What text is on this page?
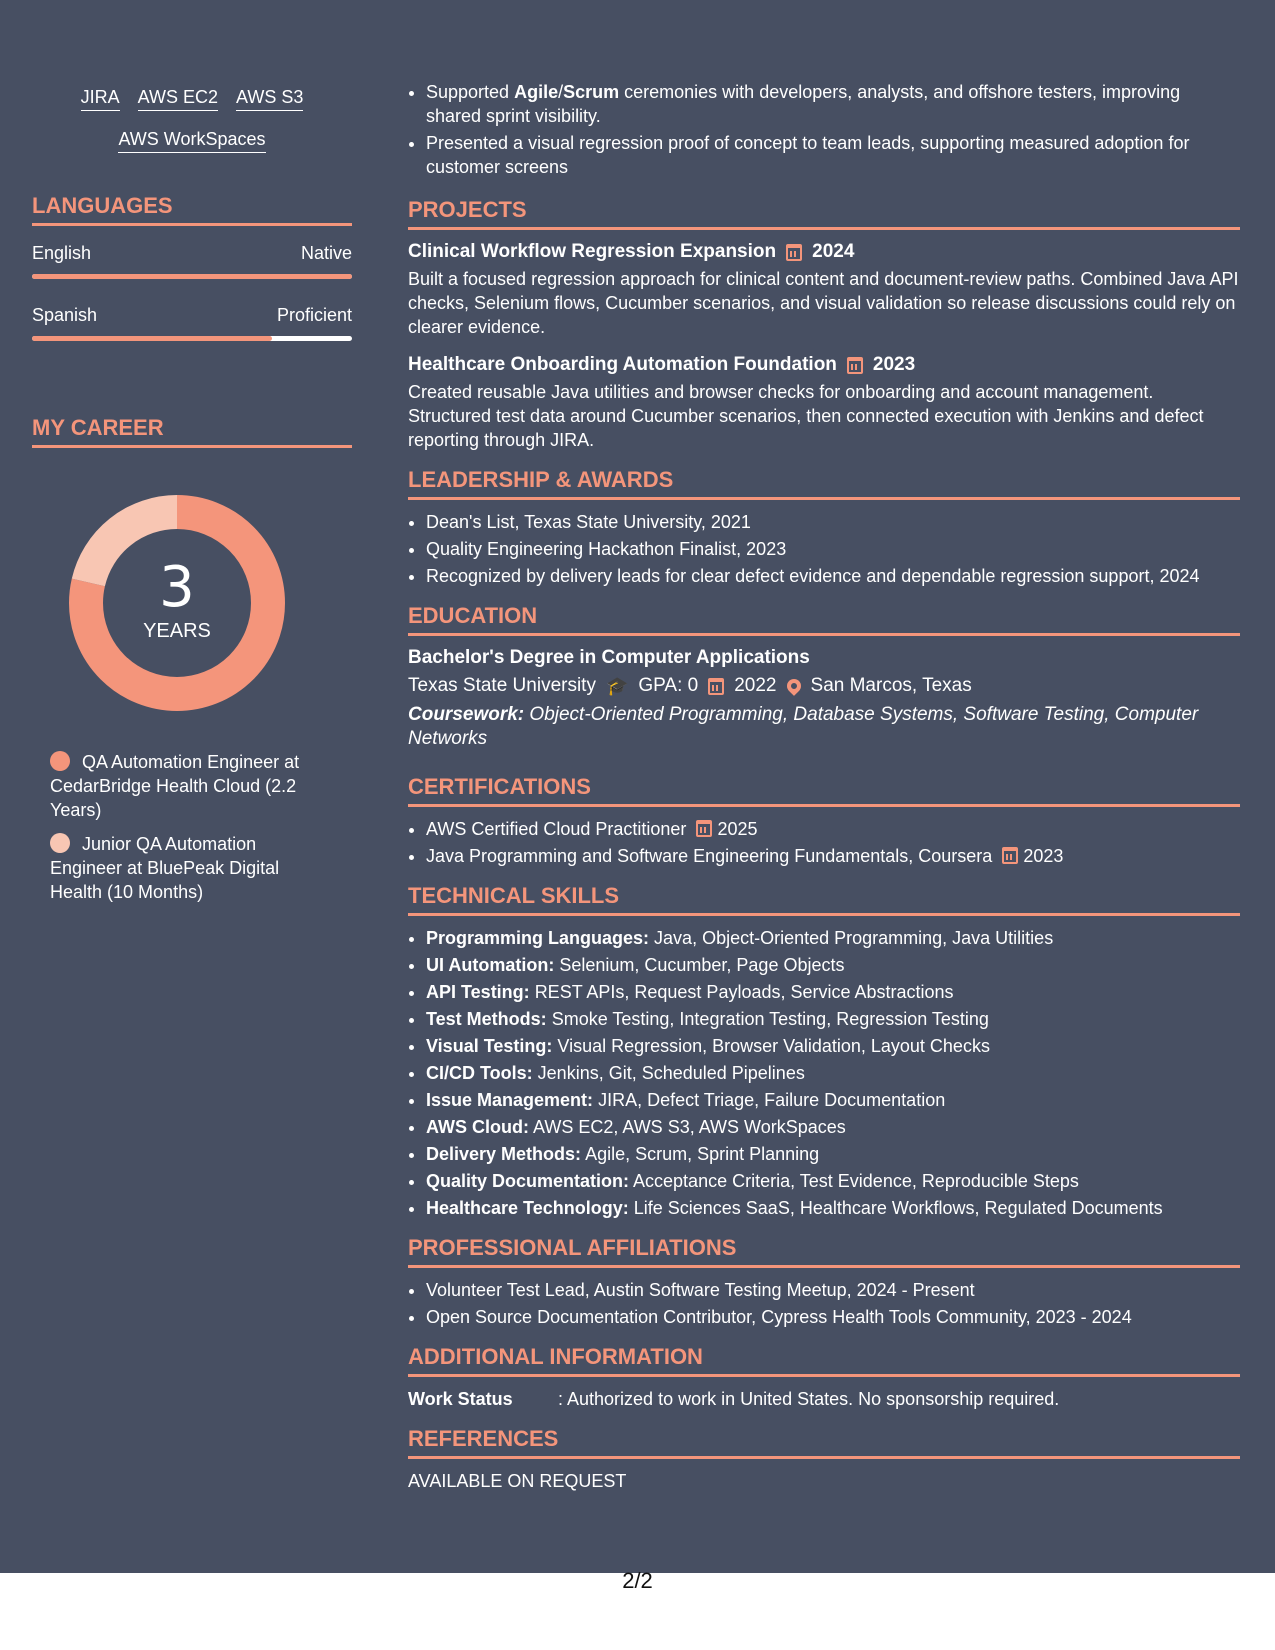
JIRA AWS EC2 AWS S3
AWS WorkSpaces
LANGUAGES
English	Native
Spanish	Proficient
MY CAREER
3
YEARS
QA Automation Engineer at CedarBridge Health Cloud (2.2 Years)
Junior QA Automation Engineer at BluePeak Digital Health (10 Months)
• Supported Agile/Scrum ceremonies with developers, analysts, and offshore testers, improving shared sprint visibility.
• Presented a visual regression proof of concept to team leads, supporting measured adoption for customer screens
PROJECTS
Clinical Workflow Regression Expansion 2024
Built a focused regression approach for clinical content and document-review paths. Combined Java API checks, Selenium flows, Cucumber scenarios, and visual validation so release discussions could rely on clearer evidence.
Healthcare Onboarding Automation Foundation 2023
Created reusable Java utilities and browser checks for onboarding and account management. Structured test data around Cucumber scenarios, then connected execution with Jenkins and defect reporting through JIRA.
LEADERSHIP & AWARDS
• Dean's List, Texas State University, 2021
• Quality Engineering Hackathon Finalist, 2023
• Recognized by delivery leads for clear defect evidence and dependable regression support, 2024
EDUCATION
Bachelor's Degree in Computer Applications
Texas State University 🎓 GPA: 0 2022 San Marcos, Texas
Coursework: Object-Oriented Programming, Database Systems, Software Testing, Computer Networks
CERTIFICATIONS
• AWS Certified Cloud Practitioner 2025
• Java Programming and Software Engineering Fundamentals, Coursera 2023
TECHNICAL SKILLS
• Programming Languages: Java, Object-Oriented Programming, Java Utilities
• UI Automation: Selenium, Cucumber, Page Objects
• API Testing: REST APIs, Request Payloads, Service Abstractions
• Test Methods: Smoke Testing, Integration Testing, Regression Testing
• Visual Testing: Visual Regression, Browser Validation, Layout Checks
• CI/CD Tools: Jenkins, Git, Scheduled Pipelines
• Issue Management: JIRA, Defect Triage, Failure Documentation
• AWS Cloud: AWS EC2, AWS S3, AWS WorkSpaces
• Delivery Methods: Agile, Scrum, Sprint Planning
• Quality Documentation: Acceptance Criteria, Test Evidence, Reproducible Steps
• Healthcare Technology: Life Sciences SaaS, Healthcare Workflows, Regulated Documents
PROFESSIONAL AFFILIATIONS
• Volunteer Test Lead, Austin Software Testing Meetup, 2024 - Present
• Open Source Documentation Contributor, Cypress Health Tools Community, 2023 - 2024
ADDITIONAL INFORMATION
Work Status	: Authorized to work in United States. No sponsorship required.
REFERENCES
AVAILABLE ON REQUEST
2/2
